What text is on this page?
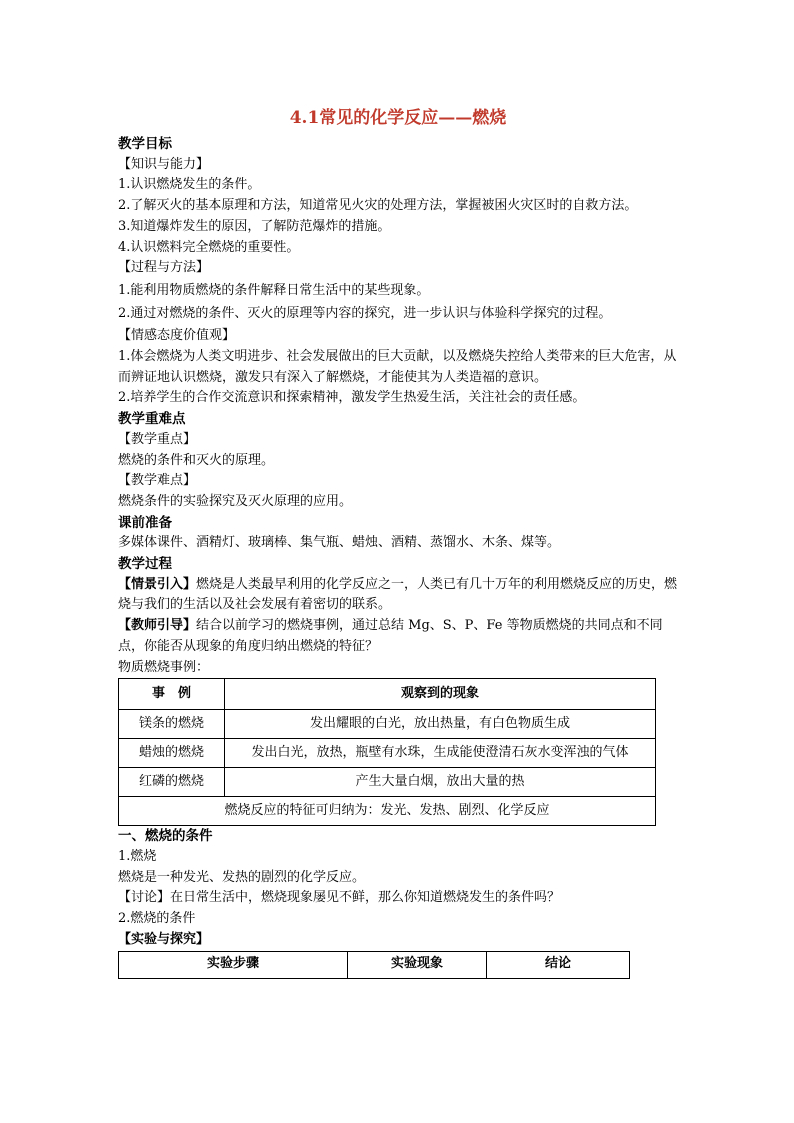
4.1常见的化学反应——燃烧
教学目标
【知识与能力】
1.认识燃烧发生的条件。
2.了解灭火的基本原理和方法，知道常见火灾的处理方法，掌握被困火灾区时的自救方法。
3.知道爆炸发生的原因，了解防范爆炸的措施。
4.认识燃料完全燃烧的重要性。
【过程与方法】
1.能利用物质燃烧的条件解释日常生活中的某些现象。
2.通过对燃烧的条件、灭火的原理等内容的探究，进一步认识与体验科学探究的过程。
【情感态度价值观】
1.体会燃烧为人类文明进步、社会发展做出的巨大贡献，以及燃烧失控给人类带来的巨大危害，从而辨证地认识燃烧，激发只有深入了解燃烧，才能使其为人类造福的意识。
2.培养学生的合作交流意识和探索精神，激发学生热爱生活，关注社会的责任感。
教学重难点
【教学重点】
燃烧的条件和灭火的原理。
【教学难点】
燃烧条件的实验探究及灭火原理的应用。
课前准备
多媒体课件、酒精灯、玻璃棒、集气瓶、蜡烛、酒精、蒸馏水、木条、煤等。
教学过程
【情景引入】燃烧是人类最早利用的化学反应之一，人类已有几十万年的利用燃烧反应的历史，燃烧与我们的生活以及社会发展有着密切的联系。
【教师引导】结合以前学习的燃烧事例，通过总结 Mg、S、P、Fe 等物质燃烧的共同点和不同点，你能否从现象的角度归纳出燃烧的特征？
物质燃烧事例：
事　例	观察到的现象
镁条的燃烧	发出耀眼的白光，放出热量，有白色物质生成
蜡烛的燃烧	发出白光，放热，瓶壁有水珠，生成能使澄清石灰水变浑浊的气体
红磷的燃烧	产生大量白烟，放出大量的热
燃烧反应的特征可归纳为：发光、发热、剧烈、化学反应	
一、燃烧的条件
1.燃烧
燃烧是一种发光、发热的剧烈的化学反应。
【讨论】在日常生活中，燃烧现象屡见不鲜，那么你知道燃烧发生的条件吗？
2.燃烧的条件
【实验与探究】
实验步骤	实验现象	结论
